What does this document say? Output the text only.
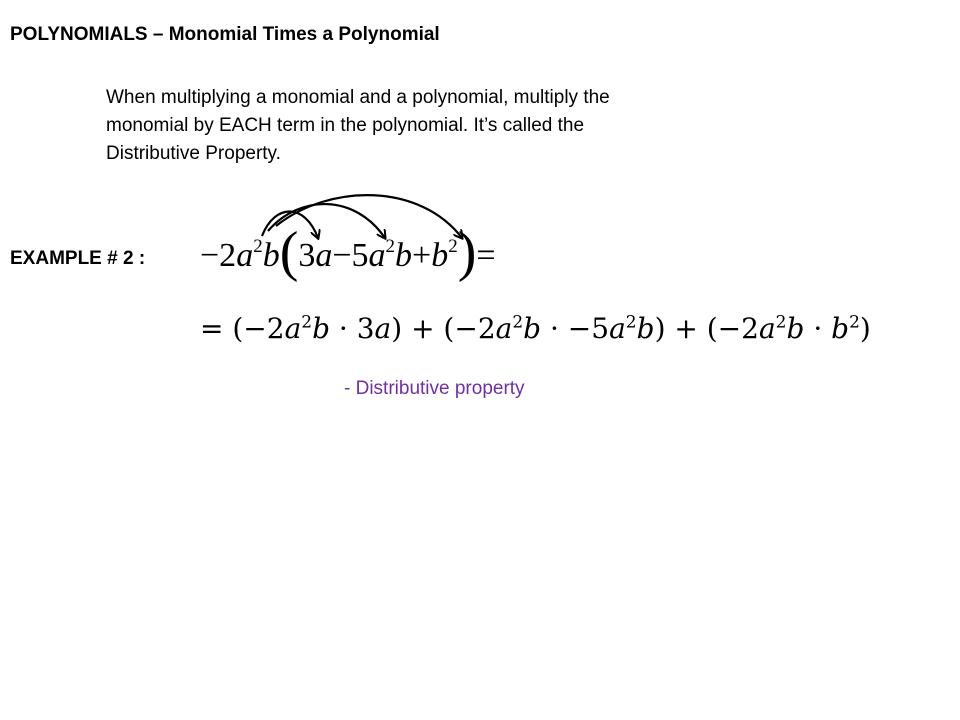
POLYNOMIALS – Monomial Times a Polynomial
When multiplying a monomial and a polynomial, multiply the
monomial by EACH term in the polynomial. It’s called the
Distributive Property.
EXAMPLE # 2 : $-2a^2b(3a-5a^2b+b^2)=$
= $(-2a^2b \cdot 3a) + (-2a^2b \cdot -5a^2b) + (-2a^2b \cdot b^2)$
- Distributive property
